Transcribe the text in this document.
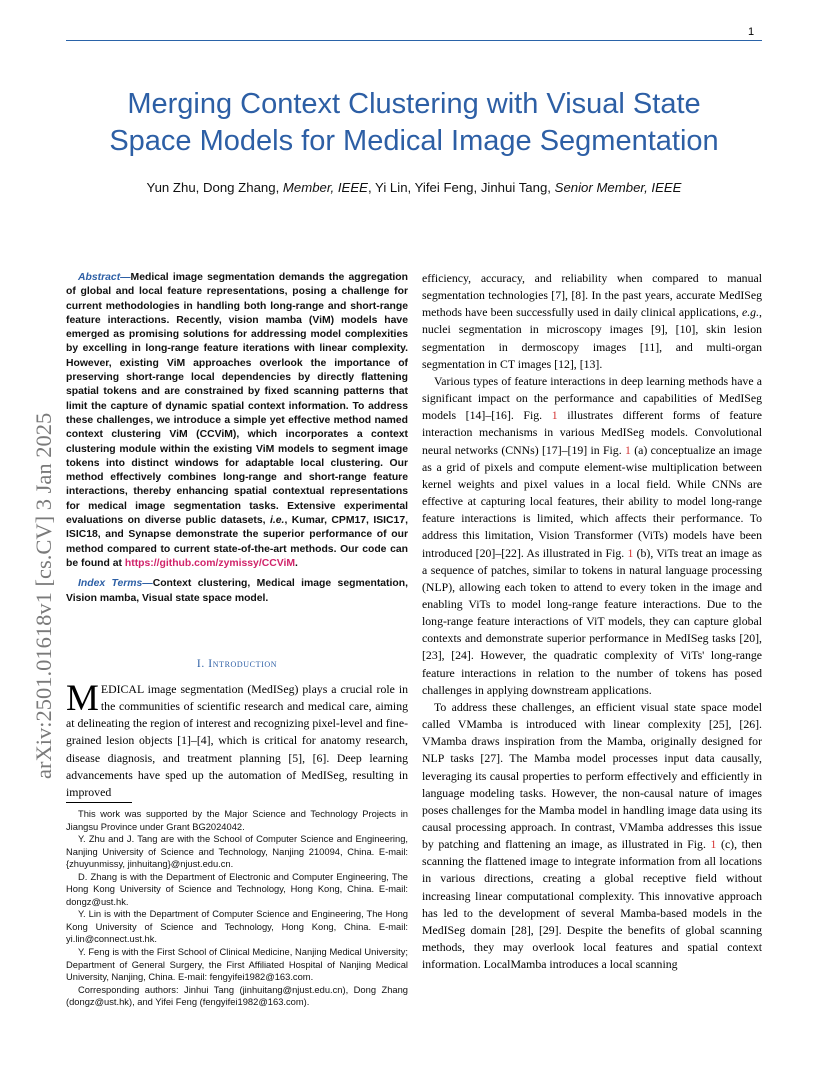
1
arXiv:2501.01618v1 [cs.CV] 3 Jan 2025
Merging Context Clustering with Visual State
Space Models for Medical Image Segmentation
Yun Zhu, Dong Zhang, Member, IEEE, Yi Lin, Yifei Feng, Jinhui Tang, Senior Member, IEEE

Abstract—Medical image segmentation demands the aggregation of global and local feature representations, posing a challenge for current methodologies in handling both long-range and short-range feature interactions. Recently, vision mamba (ViM) models have emerged as promising solutions for addressing model complexities by excelling in long-range feature iterations with linear complexity. However, existing ViM approaches overlook the importance of preserving short-range local dependencies by directly flattening spatial tokens and are constrained by fixed scanning patterns that limit the capture of dynamic spatial context information. To address these challenges, we introduce a simple yet effective method named context clustering ViM (CCViM), which incorporates a context clustering module within the existing ViM models to segment image tokens into distinct windows for adaptable local clustering. Our method effectively combines long-range and short-range feature interactions, thereby enhancing spatial contextual representations for medical image segmentation tasks. Extensive experimental evaluations on diverse public datasets, i.e., Kumar, CPM17, ISIC17, ISIC18, and Synapse demonstrate the superior performance of our method compared to current state-of-the-art methods. Our code can be found at https://github.com/zymissy/CCViM.

Index Terms—Context clustering, Medical image segmentation, Vision mamba, Visual state space model.

I. Introduction

MEDICAL image segmentation (MedISeg) plays a crucial role in the communities of scientific research and medical care, aiming at delineating the region of interest and recognizing pixel-level and fine-grained lesion objects [1]–[4], which is critical for anatomy research, disease diagnosis, and treatment planning [5], [6]. Deep learning advancements have sped up the automation of MedISeg, resulting in improved

This work was supported by the Major Science and Technology Projects in Jiangsu Province under Grant BG2024042.

Y. Zhu and J. Tang are with the School of Computer Science and Engineering, Nanjing University of Science and Technology, Nanjing 210094, China. E-mail: {zhuyunmissy, jinhuitang}@njust.edu.cn.

D. Zhang is with the Department of Electronic and Computer Engineering, The Hong Kong University of Science and Technology, Hong Kong, China. E-mail: dongz@ust.hk.

Y. Lin is with the Department of Computer Science and Engineering, The Hong Kong University of Science and Technology, Hong Kong, China. E-mail: yi.lin@connect.ust.hk.

Y. Feng is with the First School of Clinical Medicine, Nanjing Medical University; Department of General Surgery, the First Affiliated Hospital of Nanjing Medical University, Nanjing, China. E-mail: fengyifei1982@163.com.

Corresponding authors: Jinhui Tang (jinhuitang@njust.edu.cn), Dong Zhang (dongz@ust.hk), and Yifei Feng (fengyifei1982@163.com).

efficiency, accuracy, and reliability when compared to manual segmentation technologies [7], [8]. In the past years, accurate MedISeg methods have been successfully used in daily clinical applications, e.g., nuclei segmentation in microscopy images [9], [10], skin lesion segmentation in dermoscopy images [11], and multi-organ segmentation in CT images [12], [13].

Various types of feature interactions in deep learning methods have a significant impact on the performance and capabilities of MedISeg models [14]–[16]. Fig. 1 illustrates different forms of feature interaction mechanisms in various MedISeg models. Convolutional neural networks (CNNs) [17]–[19] in Fig. 1 (a) conceptualize an image as a grid of pixels and compute element-wise multiplication between kernel weights and pixel values in a local field. While CNNs are effective at capturing local features, their ability to model long-range feature interactions is limited, which affects their performance. To address this limitation, Vision Transformer (ViTs) models have been introduced [20]–[22]. As illustrated in Fig. 1 (b), ViTs treat an image as a sequence of patches, similar to tokens in natural language processing (NLP), allowing each token to attend to every token in the image and enabling ViTs to model long-range feature interactions. Due to the long-range feature interactions of ViT models, they can capture global contexts and demonstrate superior performance in MedISeg tasks [20], [23], [24]. However, the quadratic complexity of ViTs' long-range feature interactions in relation to the number of tokens has posed challenges in applying downstream applications.

To address these challenges, an efficient visual state space model called VMamba is introduced with linear complexity [25], [26]. VMamba draws inspiration from the Mamba, originally designed for NLP tasks [27]. The Mamba model processes input data causally, leveraging its causal properties to perform effectively and efficiently in language modeling tasks. However, the non-causal nature of images poses challenges for the Mamba model in handling image data using its causal processing approach. In contrast, VMamba addresses this issue by patching and flattening an image, as illustrated in Fig. 1 (c), then scanning the flattened image to integrate information from all locations in various directions, creating a global receptive field without increasing linear computational complexity. This innovative approach has led to the development of several Mamba-based models in the MedISeg domain [28], [29]. Despite the benefits of global scanning methods, they may overlook local features and spatial context information. LocalMamba introduces a local scanning
